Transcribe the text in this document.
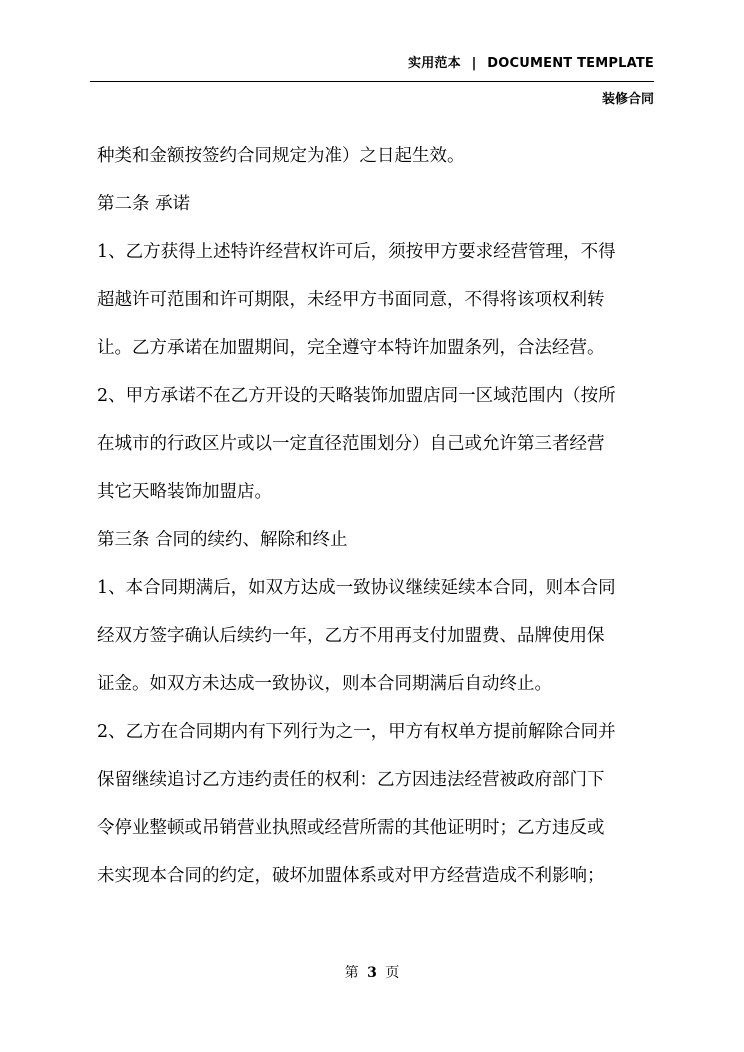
实用范本 | DOCUMENT TEMPLATE
装修合同
种类和金额按签约合同规定为准）之日起生效。
第二条 承诺
1、乙方获得上述特许经营权许可后，须按甲方要求经营管理，不得
超越许可范围和许可期限，未经甲方书面同意，不得将该项权利转
让。乙方承诺在加盟期间，完全遵守本特许加盟条列，合法经营。
2、甲方承诺不在乙方开设的天略装饰加盟店同一区域范围内（按所
在城市的行政区片或以一定直径范围划分）自己或允许第三者经营
其它天略装饰加盟店。
第三条 合同的续约、解除和终止
1、本合同期满后，如双方达成一致协议继续延续本合同，则本合同
经双方签字确认后续约一年，乙方不用再支付加盟费、品牌使用保
证金。如双方未达成一致协议，则本合同期满后自动终止。
2、乙方在合同期内有下列行为之一，甲方有权单方提前解除合同并
保留继续追讨乙方违约责任的权利：乙方因违法经营被政府部门下
令停业整顿或吊销营业执照或经营所需的其他证明时；乙方违反或
未实现本合同的约定，破坏加盟体系或对甲方经营造成不利影响；
第 3 页
